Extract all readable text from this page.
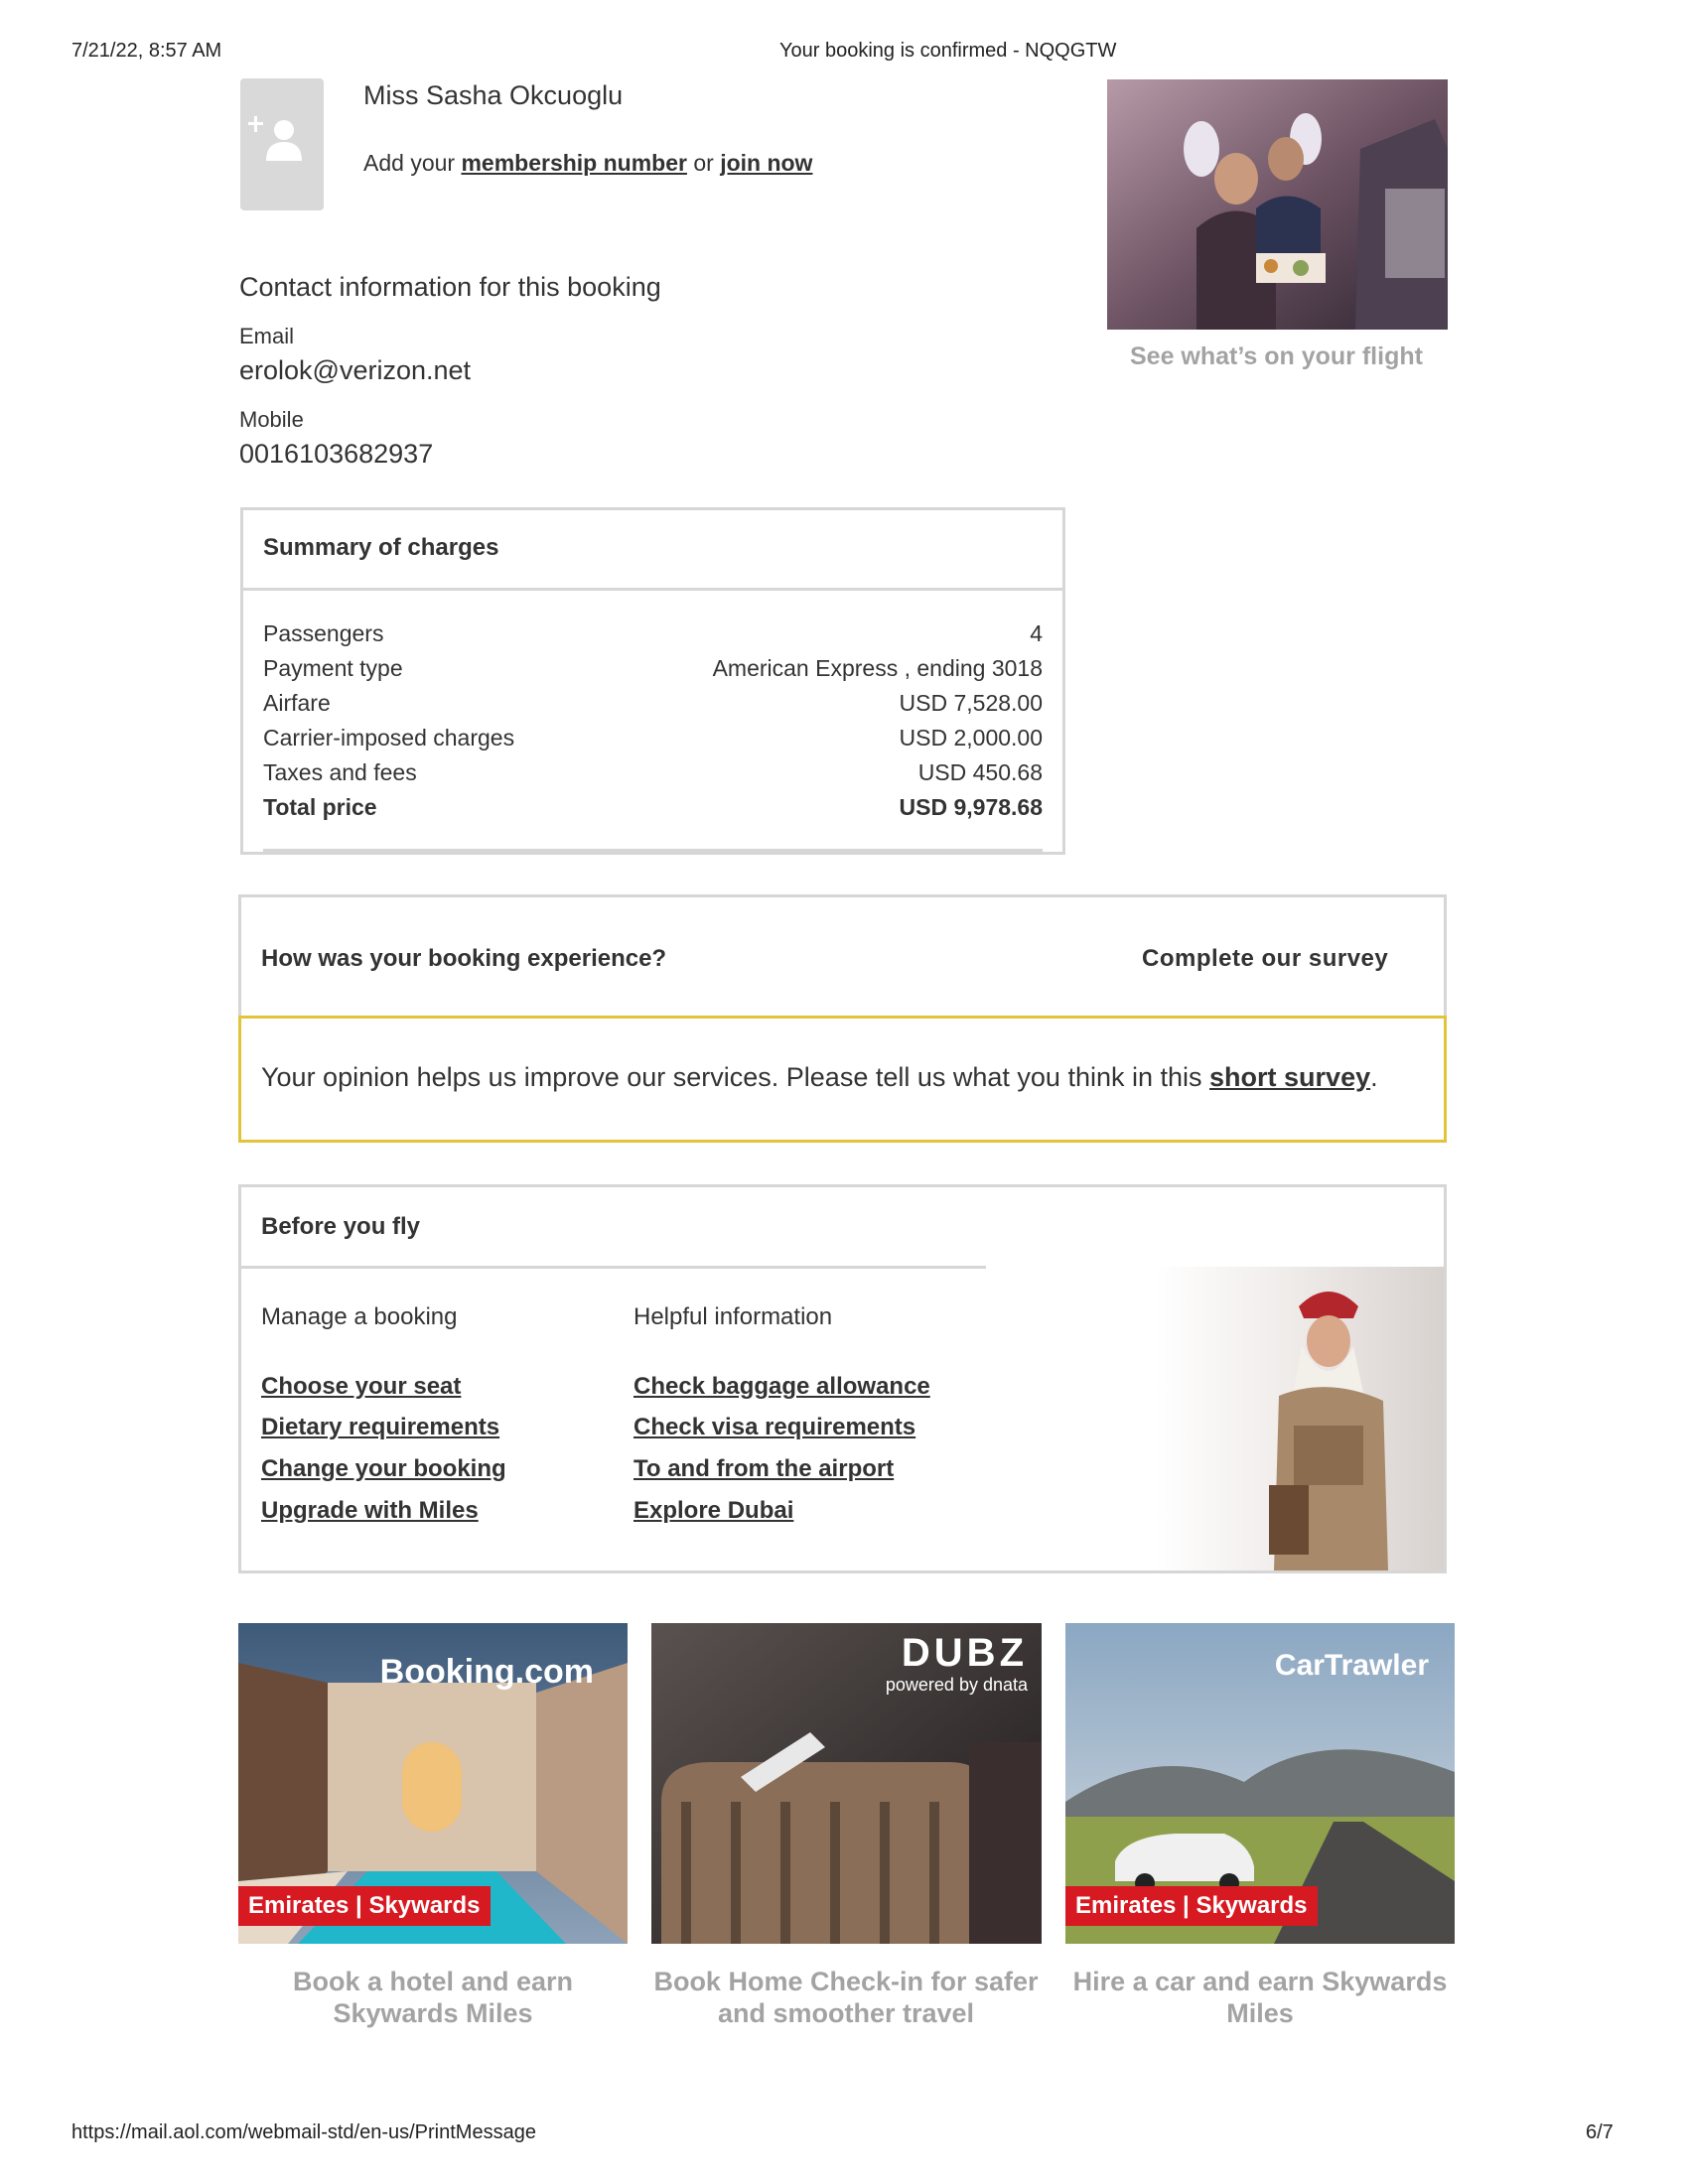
7/21/22, 8:57 AM	Your booking is confirmed - NQQGTW
Miss Sasha Okcuoglu
Add your membership number or join now
See what’s on your flight
Contact information for this booking
Email
erolok@verizon.net
Mobile
0016103682937
Summary of charges
Passengers	4
Payment type	American Express , ending 3018
Airfare	USD 7,528.00
Carrier-imposed charges	USD 2,000.00
Taxes and fees	USD 450.68
Total price	USD 9,978.68
How was your booking experience?	Complete our survey
Your opinion helps us improve our services. Please tell us what you think in this short survey.
Before you fly
Manage a booking
Choose your seat
Dietary requirements
Change your booking
Upgrade with Miles
Helpful information
Check baggage allowance
Check visa requirements
To and from the airport
Explore Dubai
Booking.com
Emirates | Skywards
Book a hotel and earn Skywards Miles
DUBZ
powered by dnata
Book Home Check-in for safer and smoother travel
CarTrawler
Emirates | Skywards
Hire a car and earn Skywards Miles
https://mail.aol.com/webmail-std/en-us/PrintMessage	6/7
